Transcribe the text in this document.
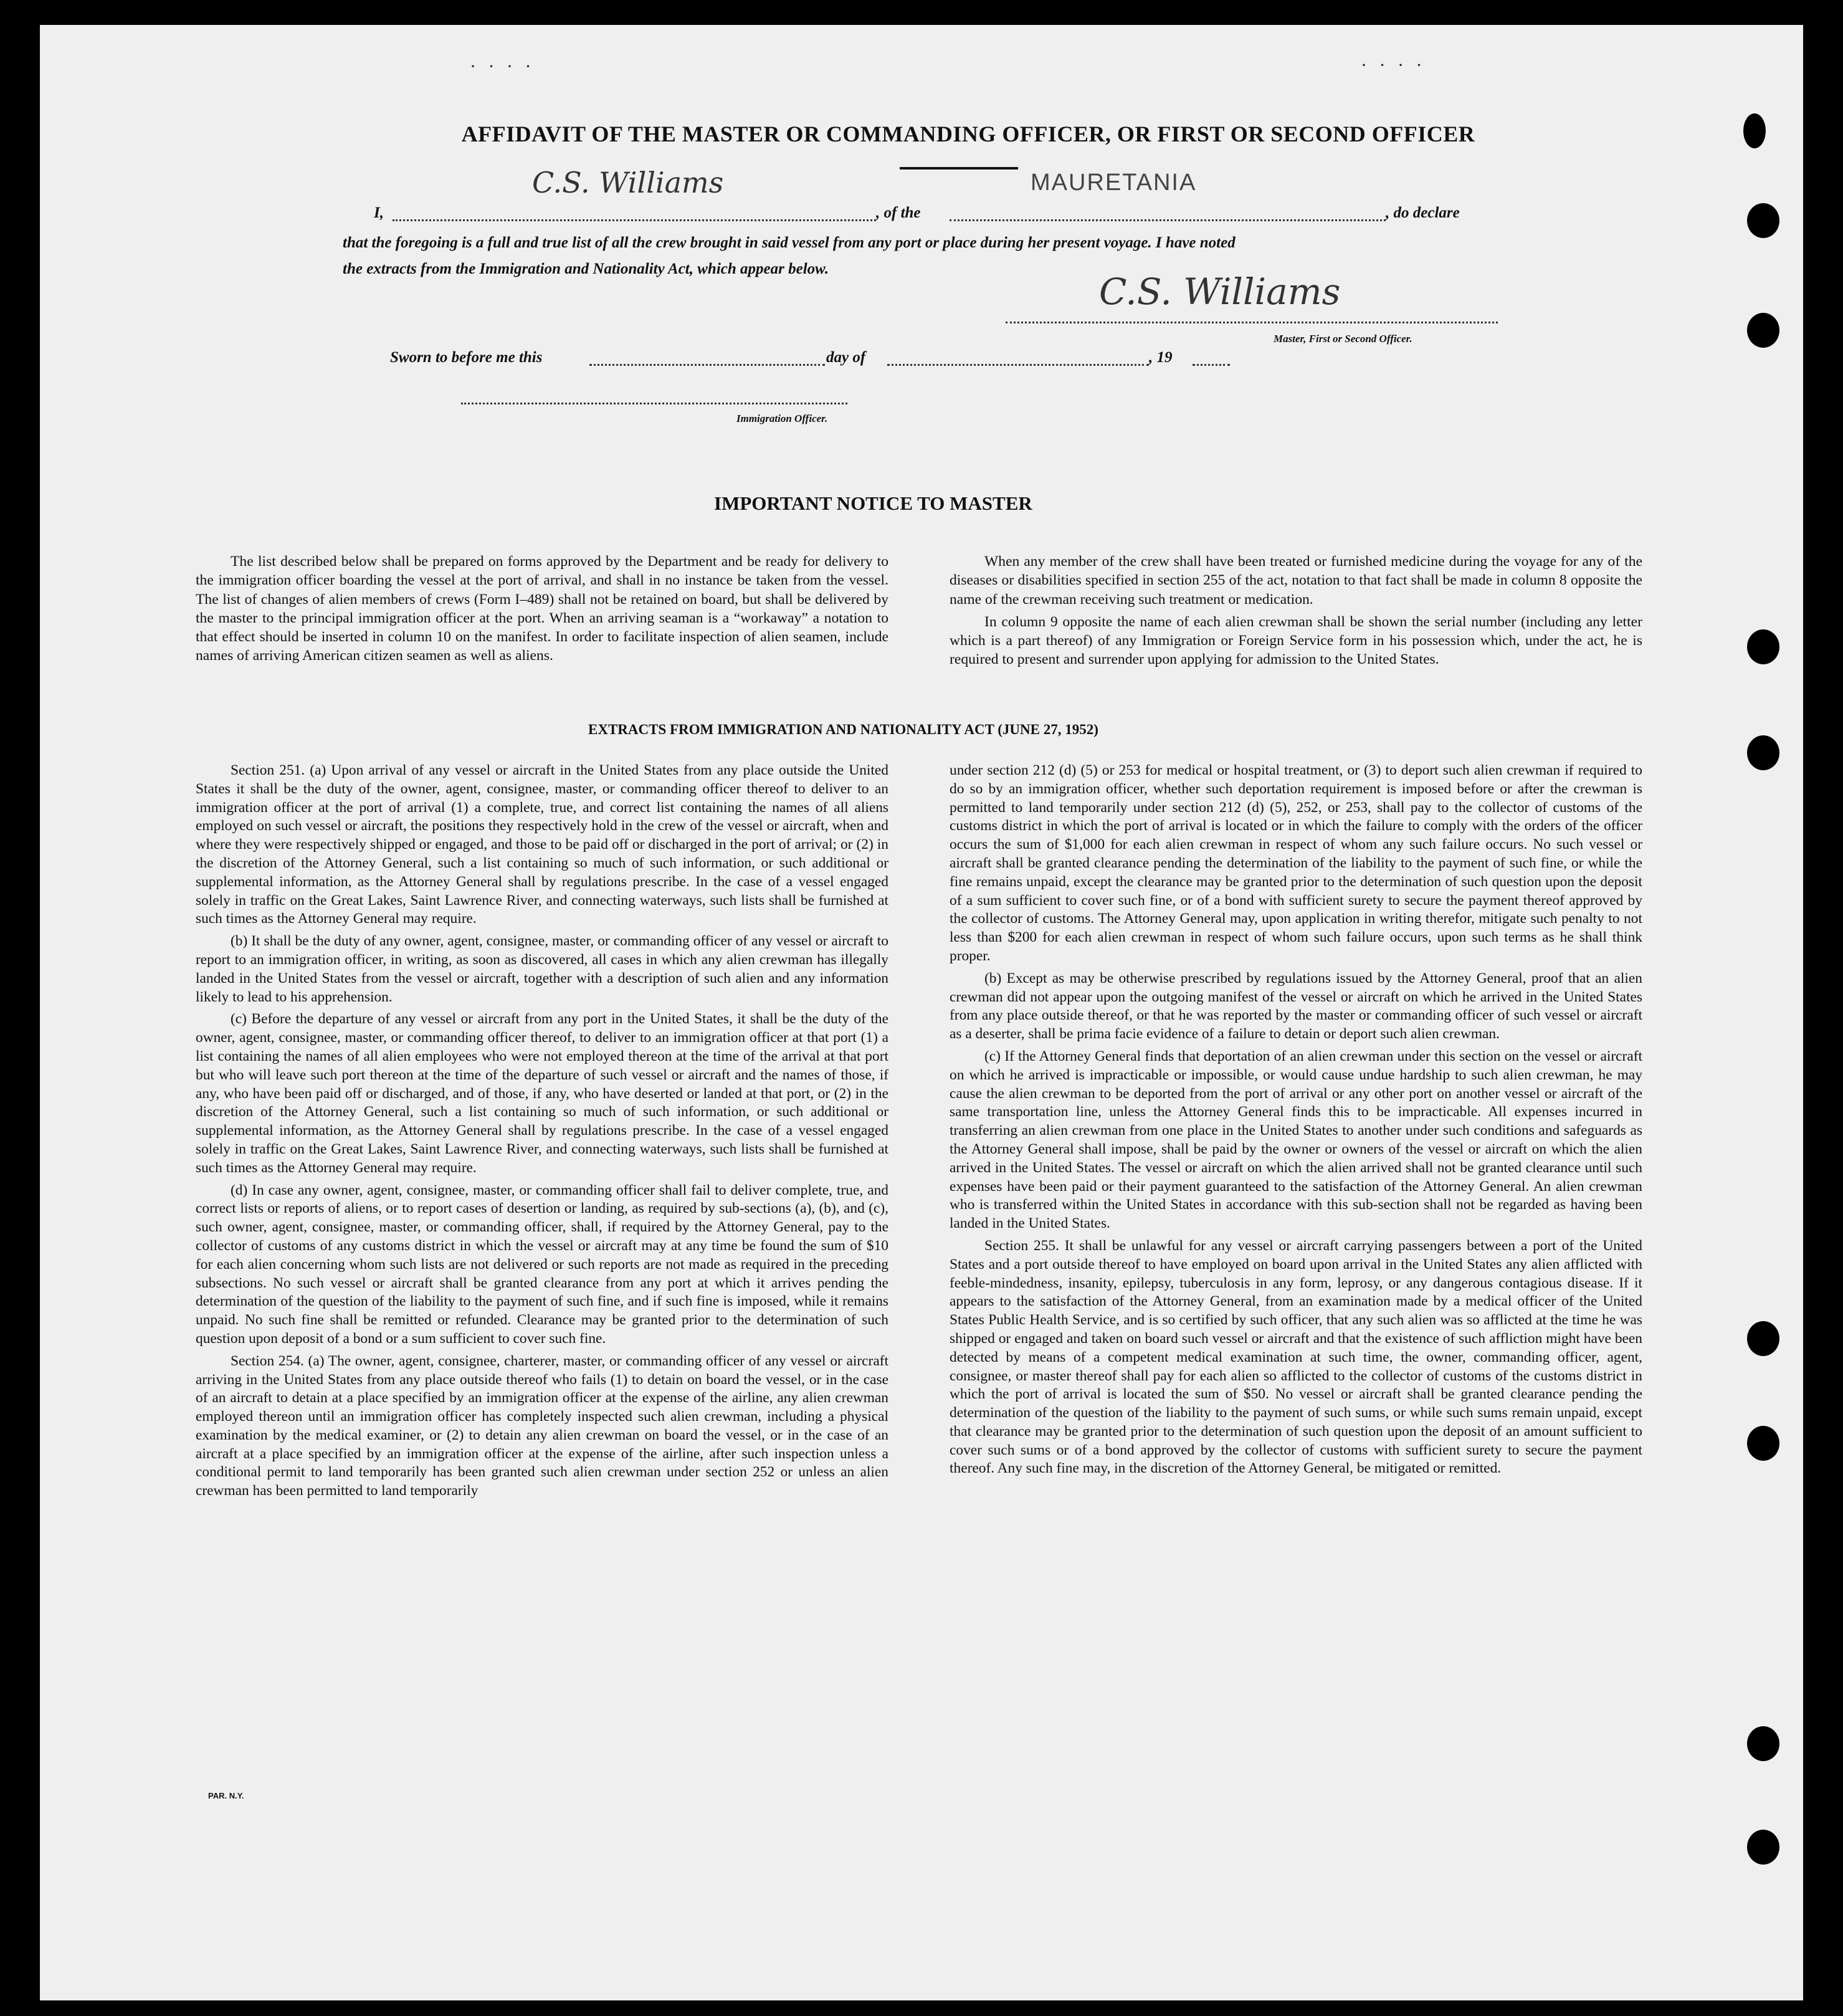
· · · ·	· · · ·
AFFIDAVIT OF THE MASTER OR COMMANDING OFFICER, OR FIRST OR SECOND OFFICER
MAURETANIA
C.S. Williams
I,	, of the	, do declare
that the foregoing is a full and true list of all the crew brought in said vessel from any port or place during her present voyage. I have noted
the extracts from the Immigration and Nationality Act, which appear below.
C.S. Williams
Master, First or Second Officer.
Sworn to before me this	day of	, 19
Immigration Officer.
IMPORTANT NOTICE TO MASTER

The list described below shall be prepared on forms approved by the Department and be ready for delivery to the immigration officer boarding the vessel at the port of arrival, and shall in no instance be taken from the vessel. The list of changes of alien members of crews (Form I–489) shall not be retained on board, but shall be delivered by the master to the principal immigration officer at the port. When an arriving seaman is a “workaway” a notation to that effect should be inserted in column 10 on the manifest. In order to facilitate inspection of alien seamen, include names of arriving American citizen seamen as well as aliens.

When any member of the crew shall have been treated or furnished medicine during the voyage for any of the diseases or disabilities specified in section 255 of the act, notation to that fact shall be made in column 8 opposite the name of the crewman receiving such treatment or medication.

In column 9 opposite the name of each alien crewman shall be shown the serial number (including any letter which is a part thereof) of any Immigration or Foreign Service form in his possession which, under the act, he is required to present and surrender upon applying for admission to the United States.

EXTRACTS FROM IMMIGRATION AND NATIONALITY ACT (JUNE 27, 1952)

Section 251. (a) Upon arrival of any vessel or aircraft in the United States from any place outside the United States it shall be the duty of the owner, agent, consignee, master, or commanding officer thereof to deliver to an immigration officer at the port of arrival (1) a complete, true, and correct list containing the names of all aliens employed on such vessel or aircraft, the positions they respectively hold in the crew of the vessel or aircraft, when and where they were respectively shipped or engaged, and those to be paid off or discharged in the port of arrival; or (2) in the discretion of the Attorney General, such a list containing so much of such information, or such additional or supplemental information, as the Attorney General shall by regulations prescribe. In the case of a vessel engaged solely in traffic on the Great Lakes, Saint Lawrence River, and connecting waterways, such lists shall be furnished at such times as the Attorney General may require.

(b) It shall be the duty of any owner, agent, consignee, master, or commanding officer of any vessel or aircraft to report to an immigration officer, in writing, as soon as discovered, all cases in which any alien crewman has illegally landed in the United States from the vessel or aircraft, together with a description of such alien and any information likely to lead to his apprehension.

(c) Before the departure of any vessel or aircraft from any port in the United States, it shall be the duty of the owner, agent, consignee, master, or commanding officer thereof, to deliver to an immigration officer at that port (1) a list containing the names of all alien employees who were not employed thereon at the time of the arrival at that port but who will leave such port thereon at the time of the departure of such vessel or aircraft and the names of those, if any, who have been paid off or discharged, and of those, if any, who have deserted or landed at that port, or (2) in the discretion of the Attorney General, such a list containing so much of such information, or such additional or supplemental information, as the Attorney General shall by regulations prescribe. In the case of a vessel engaged solely in traffic on the Great Lakes, Saint Lawrence River, and connecting waterways, such lists shall be furnished at such times as the Attorney General may require.

(d) In case any owner, agent, consignee, master, or commanding officer shall fail to deliver complete, true, and correct lists or reports of aliens, or to report cases of desertion or landing, as required by sub-sections (a), (b), and (c), such owner, agent, consignee, master, or commanding officer, shall, if required by the Attorney General, pay to the collector of customs of any customs district in which the vessel or aircraft may at any time be found the sum of $10 for each alien concerning whom such lists are not delivered or such reports are not made as required in the preceding subsections. No such vessel or aircraft shall be granted clearance from any port at which it arrives pending the determination of the question of the liability to the payment of such fine, and if such fine is imposed, while it remains unpaid. No such fine shall be remitted or refunded. Clearance may be granted prior to the determination of such question upon deposit of a bond or a sum sufficient to cover such fine.

Section 254. (a) The owner, agent, consignee, charterer, master, or commanding officer of any vessel or aircraft arriving in the United States from any place outside thereof who fails (1) to detain on board the vessel, or in the case of an aircraft to detain at a place specified by an immigration officer at the expense of the airline, any alien crewman employed thereon until an immigration officer has completely inspected such alien crewman, including a physical examination by the medical examiner, or (2) to detain any alien crewman on board the vessel, or in the case of an aircraft at a place specified by an immigration officer at the expense of the airline, after such inspection unless a conditional permit to land temporarily has been granted such alien crewman under section 252 or unless an alien crewman has been permitted to land temporarily

under section 212 (d) (5) or 253 for medical or hospital treatment, or (3) to deport such alien crewman if required to do so by an immigration officer, whether such deportation requirement is imposed before or after the crewman is permitted to land temporarily under section 212 (d) (5), 252, or 253, shall pay to the collector of customs of the customs district in which the port of arrival is located or in which the failure to comply with the orders of the officer occurs the sum of $1,000 for each alien crewman in respect of whom any such failure occurs. No such vessel or aircraft shall be granted clearance pending the determination of the liability to the payment of such fine, or while the fine remains unpaid, except the clearance may be granted prior to the determination of such question upon the deposit of a sum sufficient to cover such fine, or of a bond with sufficient surety to secure the payment thereof approved by the collector of customs. The Attorney General may, upon application in writing therefor, mitigate such penalty to not less than $200 for each alien crewman in respect of whom such failure occurs, upon such terms as he shall think proper.

(b) Except as may be otherwise prescribed by regulations issued by the Attorney General, proof that an alien crewman did not appear upon the outgoing manifest of the vessel or aircraft on which he arrived in the United States from any place outside thereof, or that he was reported by the master or commanding officer of such vessel or aircraft as a deserter, shall be prima facie evidence of a failure to detain or deport such alien crewman.

(c) If the Attorney General finds that deportation of an alien crewman under this section on the vessel or aircraft on which he arrived is impracticable or impossible, or would cause undue hardship to such alien crewman, he may cause the alien crewman to be deported from the port of arrival or any other port on another vessel or aircraft of the same transportation line, unless the Attorney General finds this to be impracticable. All expenses incurred in transferring an alien crewman from one place in the United States to another under such conditions and safeguards as the Attorney General shall impose, shall be paid by the owner or owners of the vessel or aircraft on which the alien arrived in the United States. The vessel or aircraft on which the alien arrived shall not be granted clearance until such expenses have been paid or their payment guaranteed to the satisfaction of the Attorney General. An alien crewman who is transferred within the United States in accordance with this sub-section shall not be regarded as having been landed in the United States.

Section 255. It shall be unlawful for any vessel or aircraft carrying passengers between a port of the United States and a port outside thereof to have employed on board upon arrival in the United States any alien afflicted with feeble-mindedness, insanity, epilepsy, tuberculosis in any form, leprosy, or any dangerous contagious disease. If it appears to the satisfaction of the Attorney General, from an examination made by a medical officer of the United States Public Health Service, and is so certified by such officer, that any such alien was so afflicted at the time he was shipped or engaged and taken on board such vessel or aircraft and that the existence of such affliction might have been detected by means of a competent medical examination at such time, the owner, commanding officer, agent, consignee, or master thereof shall pay for each alien so afflicted to the collector of customs of the customs district in which the port of arrival is located the sum of $50. No vessel or aircraft shall be granted clearance pending the determination of the question of the liability to the payment of such sums, or while such sums remain unpaid, except that clearance may be granted prior to the determination of such question upon the deposit of an amount sufficient to cover such sums or of a bond approved by the collector of customs with sufficient surety to secure the payment thereof. Any such fine may, in the discretion of the Attorney General, be mitigated or remitted.

PAR. N.Y.
